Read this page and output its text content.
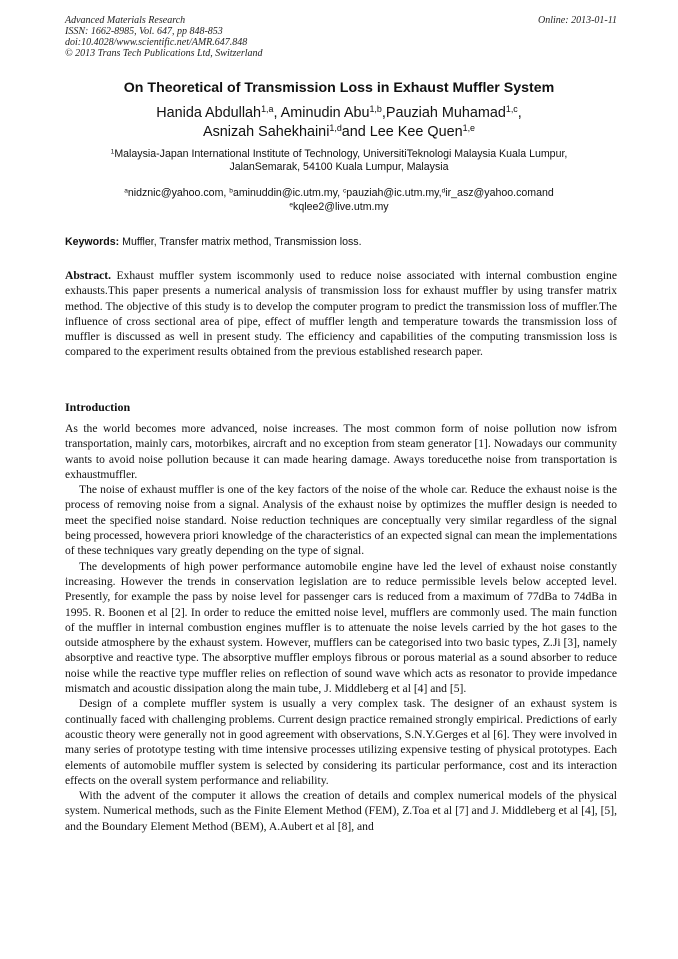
Advanced Materials Research
ISSN: 1662-8985, Vol. 647, pp 848-853
doi:10.4028/www.scientific.net/AMR.647.848
© 2013 Trans Tech Publications Ltd, Switzerland
Online: 2013-01-11
On Theoretical of Transmission Loss in Exhaust Muffler System
Hanida Abdullah$^{1,a}$, Aminudin Abu$^{1,b}$,Pauziah Muhamad$^{1,c}$,
Asnizah Sahekhaini$^{1,d}$and Lee Kee Quen$^{1,e}$
$^1$Malaysia-Japan International Institute of Technology, UniversitiTeknologi Malaysia Kuala Lumpur,
JalanSemarak, 54100 Kuala Lumpur, Malaysia
$^a$nidznic@yahoo.com, $^b$aminuddin@ic.utm.my, $^c$pauziah@ic.utm.my,$^d$ir_asz@yahoo.comand
$^e$kqlee2@live.utm.my
Keywords: Muffler, Transfer matrix method, Transmission loss.
Abstract. Exhaust muffler system iscommonly used to reduce noise associated with internal combustion engine exhausts.This paper presents a numerical analysis of transmission loss for exhaust muffler by using transfer matrix method. The objective of this study is to develop the computer program to predict the transmission loss of muffler.The influence of cross sectional area of pipe, effect of muffler length and temperature towards the transmission loss of muffler is discussed as well in present study. The efficiency and capabilities of the computing transmission loss is compared to the experiment results obtained from the previous established research paper.
Introduction

As the world becomes more advanced, noise increases. The most common form of noise pollution now isfrom transportation, mainly cars, motorbikes, aircraft and no exception from steam generator [1]. Nowadays our community wants to avoid noise pollution because it can made hearing damage. Aways toreducethe noise from transportation is exhaustmuffler.

The noise of exhaust muffler is one of the key factors of the noise of the whole car. Reduce the exhaust noise is the process of removing noise from a signal. Analysis of the exhaust noise by optimizes the muffler design is needed to meet the specified noise standard. Noise reduction techniques are conceptually very similar regardless of the signal being processed, howevera priori knowledge of the characteristics of an expected signal can mean the implementations of these techniques vary greatly depending on the type of signal.

The developments of high power performance automobile engine have led the level of exhaust noise constantly increasing. However the trends in conservation legislation are to reduce permissible levels below accepted level. Presently, for example the pass by noise level for passenger cars is reduced from a maximum of 77dBa to 74dBa in 1995. R. Boonen et al [2]. In order to reduce the emitted noise level, mufflers are commonly used. The main function of the muffler in internal combustion engines muffler is to attenuate the noise levels carried by the hot gases to the outside atmosphere by the exhaust system. However, mufflers can be categorised into two basic types, Z.Ji [3], namely absorptive and reactive type. The absorptive muffler employs fibrous or porous material as a sound absorber to reduce noise while the reactive type muffler relies on reflection of sound wave which acts as resonator to provide impedance mismatch and acoustic dissipation along the main tube, J. Middleberg et al [4] and [5].

Design of a complete muffler system is usually a very complex task. The designer of an exhaust system is continually faced with challenging problems. Current design practice remained strongly empirical. Predictions of early acoustic theory were generally not in good agreement with observations, S.N.Y.Gerges et al [6]. They were involved in many series of prototype testing with time intensive processes utilizing expensive testing of physical prototypes. Each elements of automobile muffler system is selected by considering its particular performance, cost and its interaction effects on the overall system performance and reliability.

With the advent of the computer it allows the creation of details and complex numerical models of the physical system. Numerical methods, such as the Finite Element Method (FEM), Z.Toa et al [7] and J. Middleberg et al [4], [5], and the Boundary Element Method (BEM), A.Aubert et al [8], and
